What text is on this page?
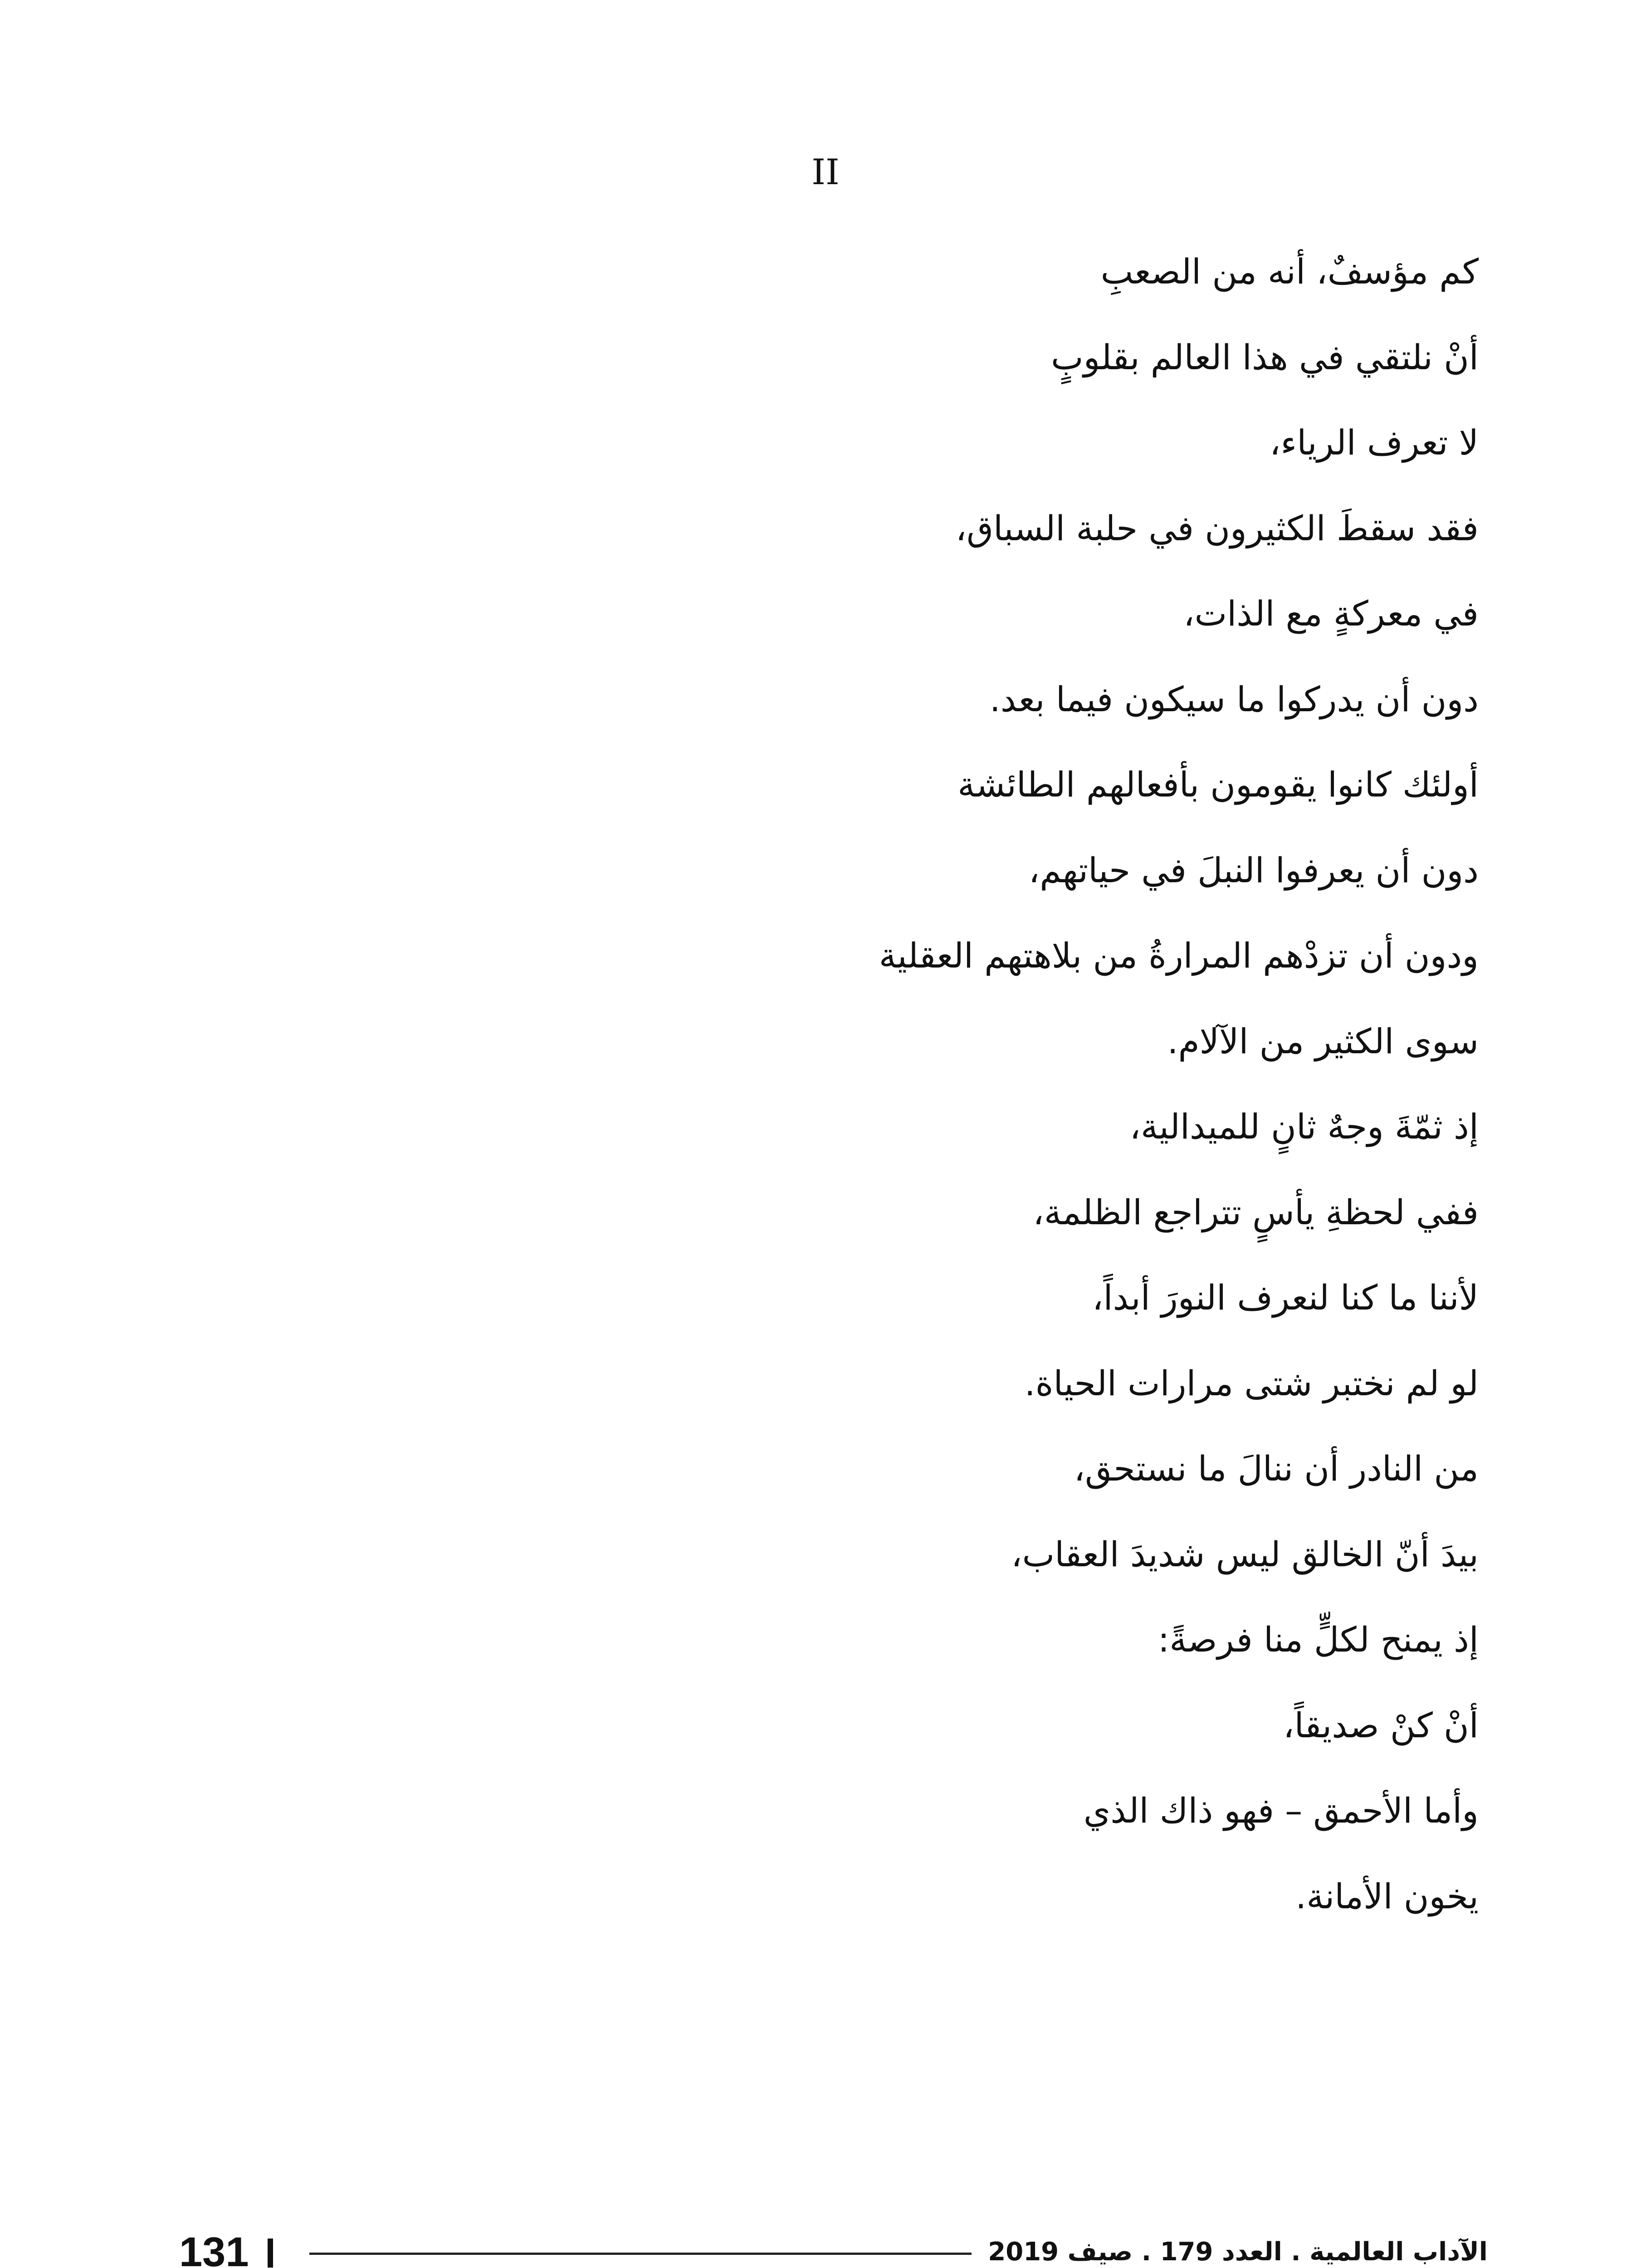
II
كم مؤسفٌ، أنه من الصعبِ
أنْ نلتقي في هذا العالم بقلوبٍ
لا تعرف الرياء،
فقد سقطَ الكثيرون في حلبة السباق،
في معركةٍ مع الذات،
دون أن يدركوا ما سيكون فيما بعد.
أولئك كانوا يقومون بأفعالهم الطائشة
دون أن يعرفوا النبلَ في حياتهم،
ودون أن تزدْهم المرارةُ من بلاهتهم العقلية
سوى الكثير من الآلام.
إذ ثمّةَ وجهٌ ثانٍ للميدالية،
ففي لحظةِ يأسٍ تتراجع الظلمة،
لأننا ما كنا لنعرف النورَ أبداً،
لو لم نختبر شتى مرارات الحياة.
من النادر أن ننالَ ما نستحق،
بيدَ أنّ الخالق ليس شديدَ العقاب،
إذ يمنح لكلٍّ منا فرصةً:
أنْ كنْ صديقاً،
وأما الأحمق – فهو ذاك الذي
يخون الأمانة.
131	الآداب العالمية . العدد 179 . صيف 2019
